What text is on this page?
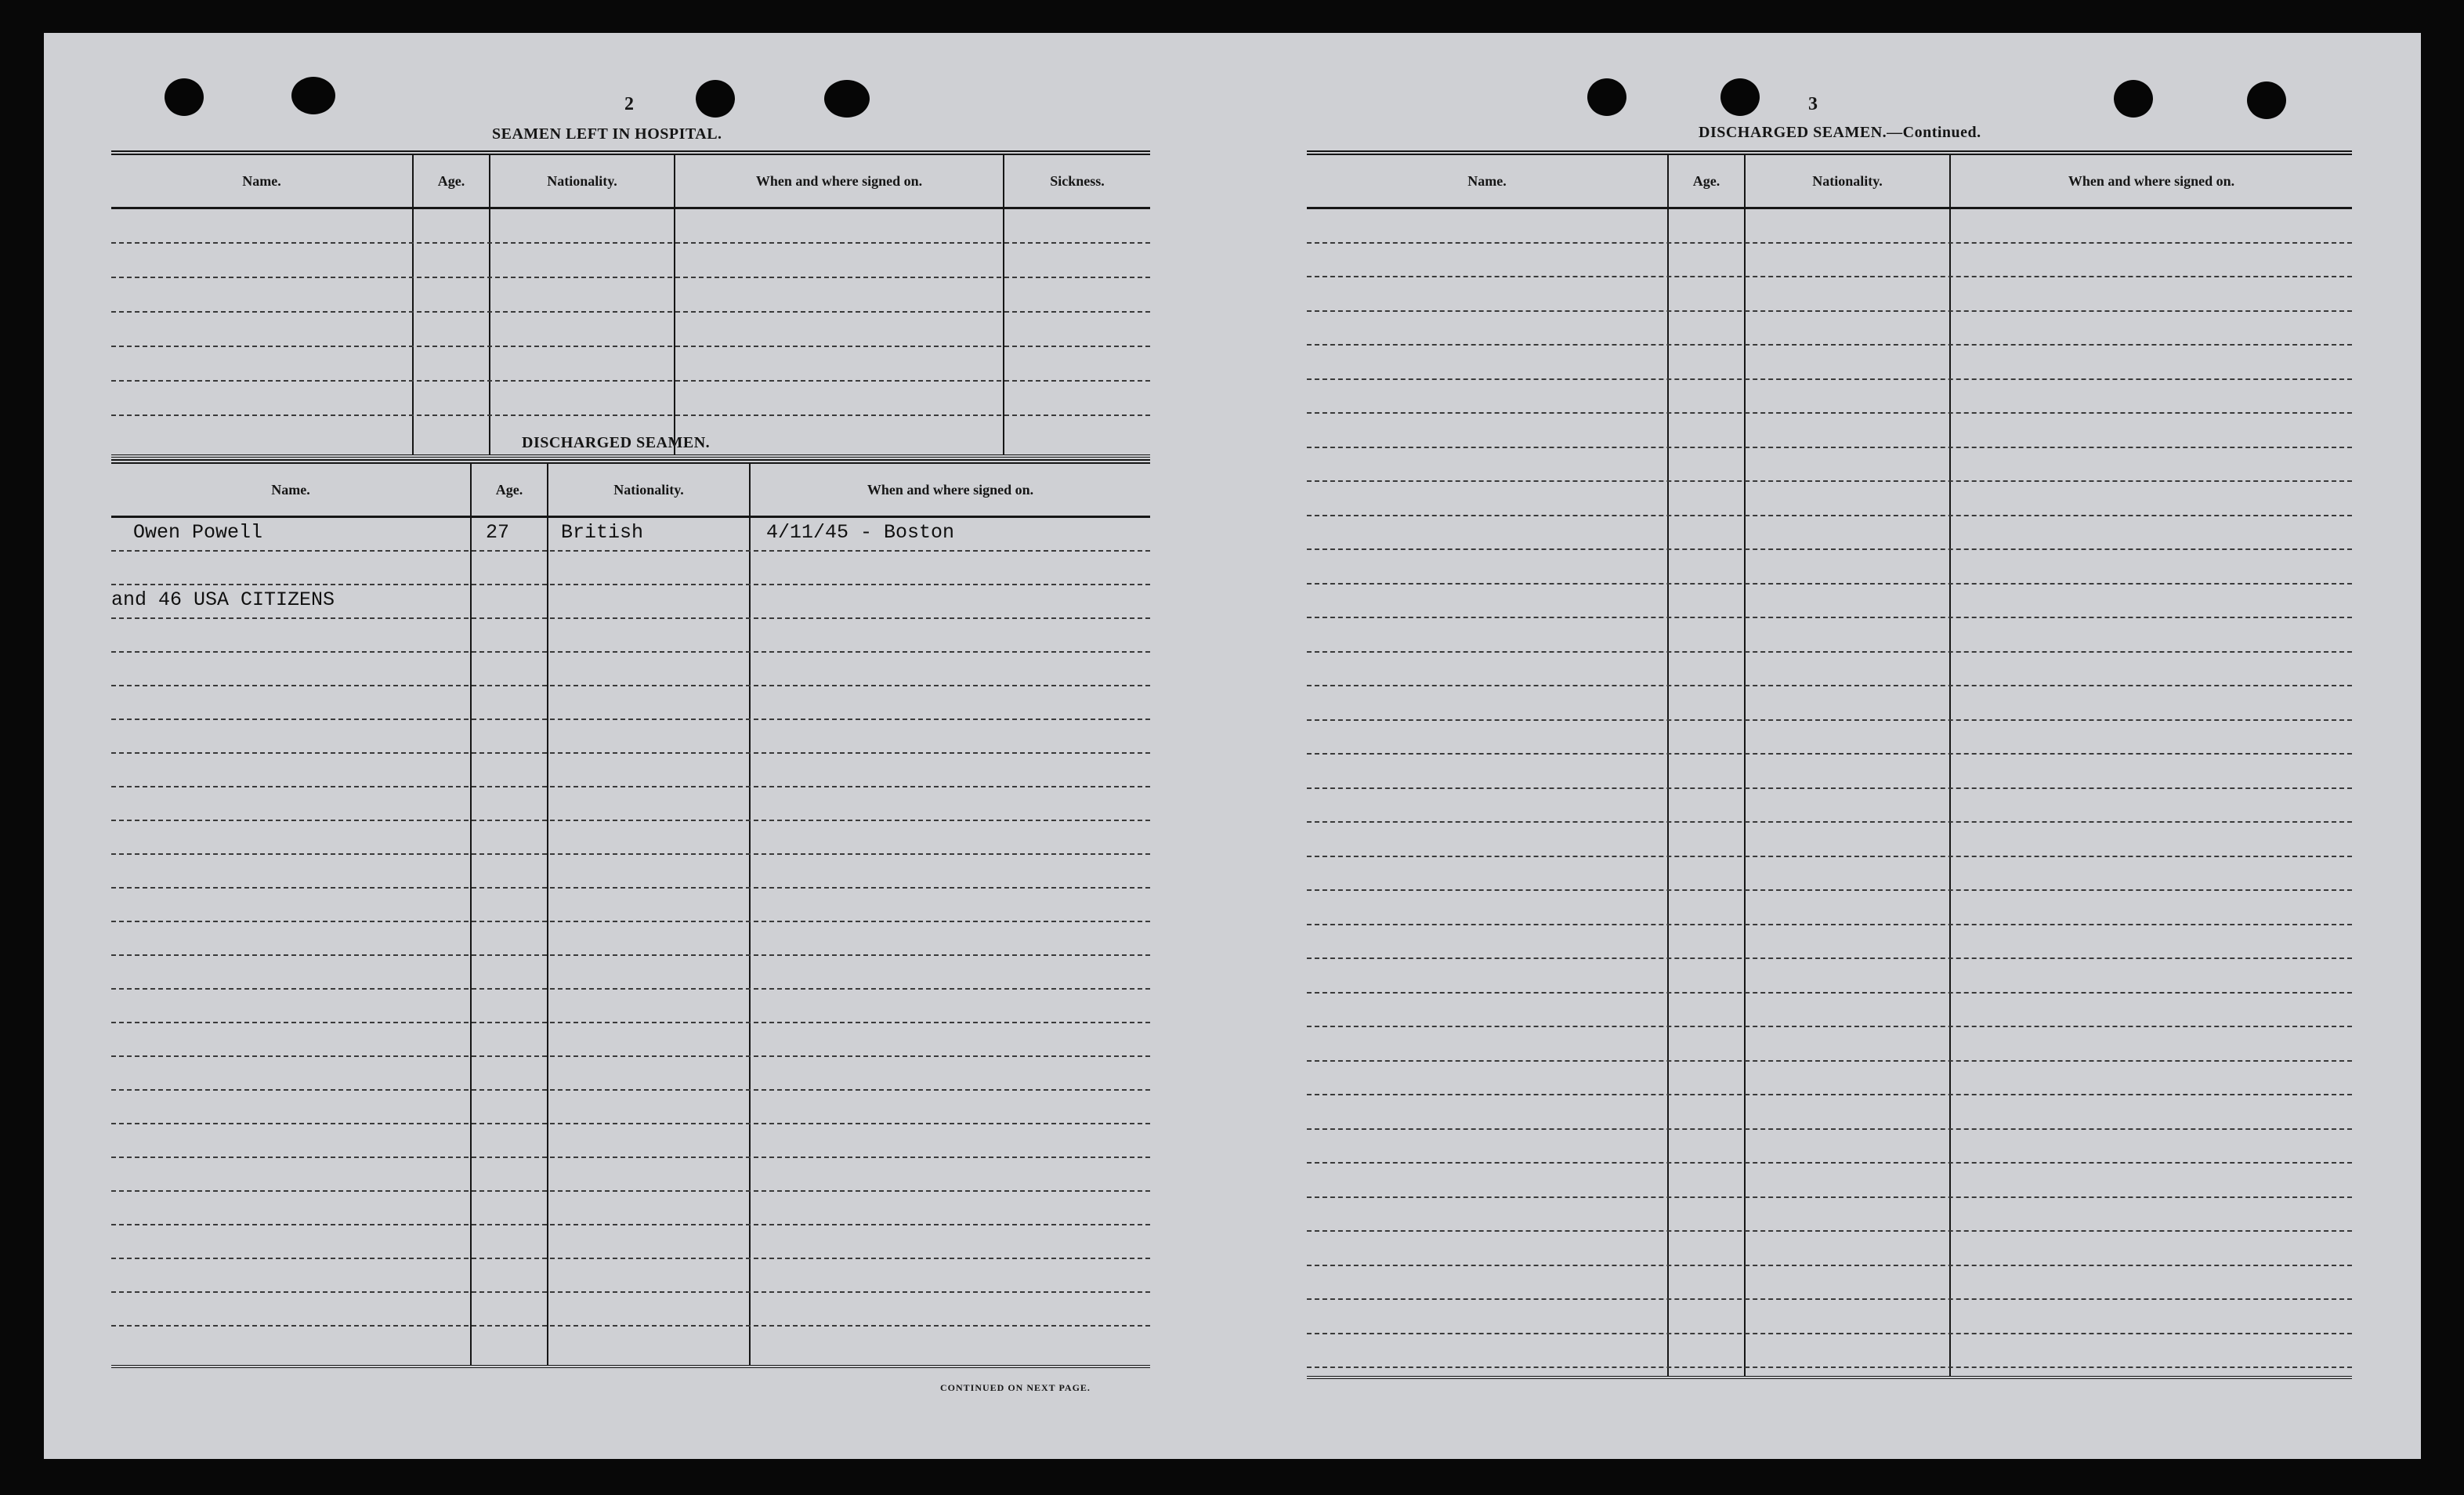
2
SEAMEN LEFT IN HOSPITAL.
Name.	Age.	Nationality.	When and where signed on.	Sickness.
DISCHARGED SEAMEN.
Name.	Age.	Nationality.	When and where signed on.
Owen Powell	27	British	4/11/45 - Boston
and 46 USA CITIZENS
CONTINUED ON NEXT PAGE.
3
DISCHARGED SEAMEN.—Continued.
Name.	Age.	Nationality.	When and where signed on.
